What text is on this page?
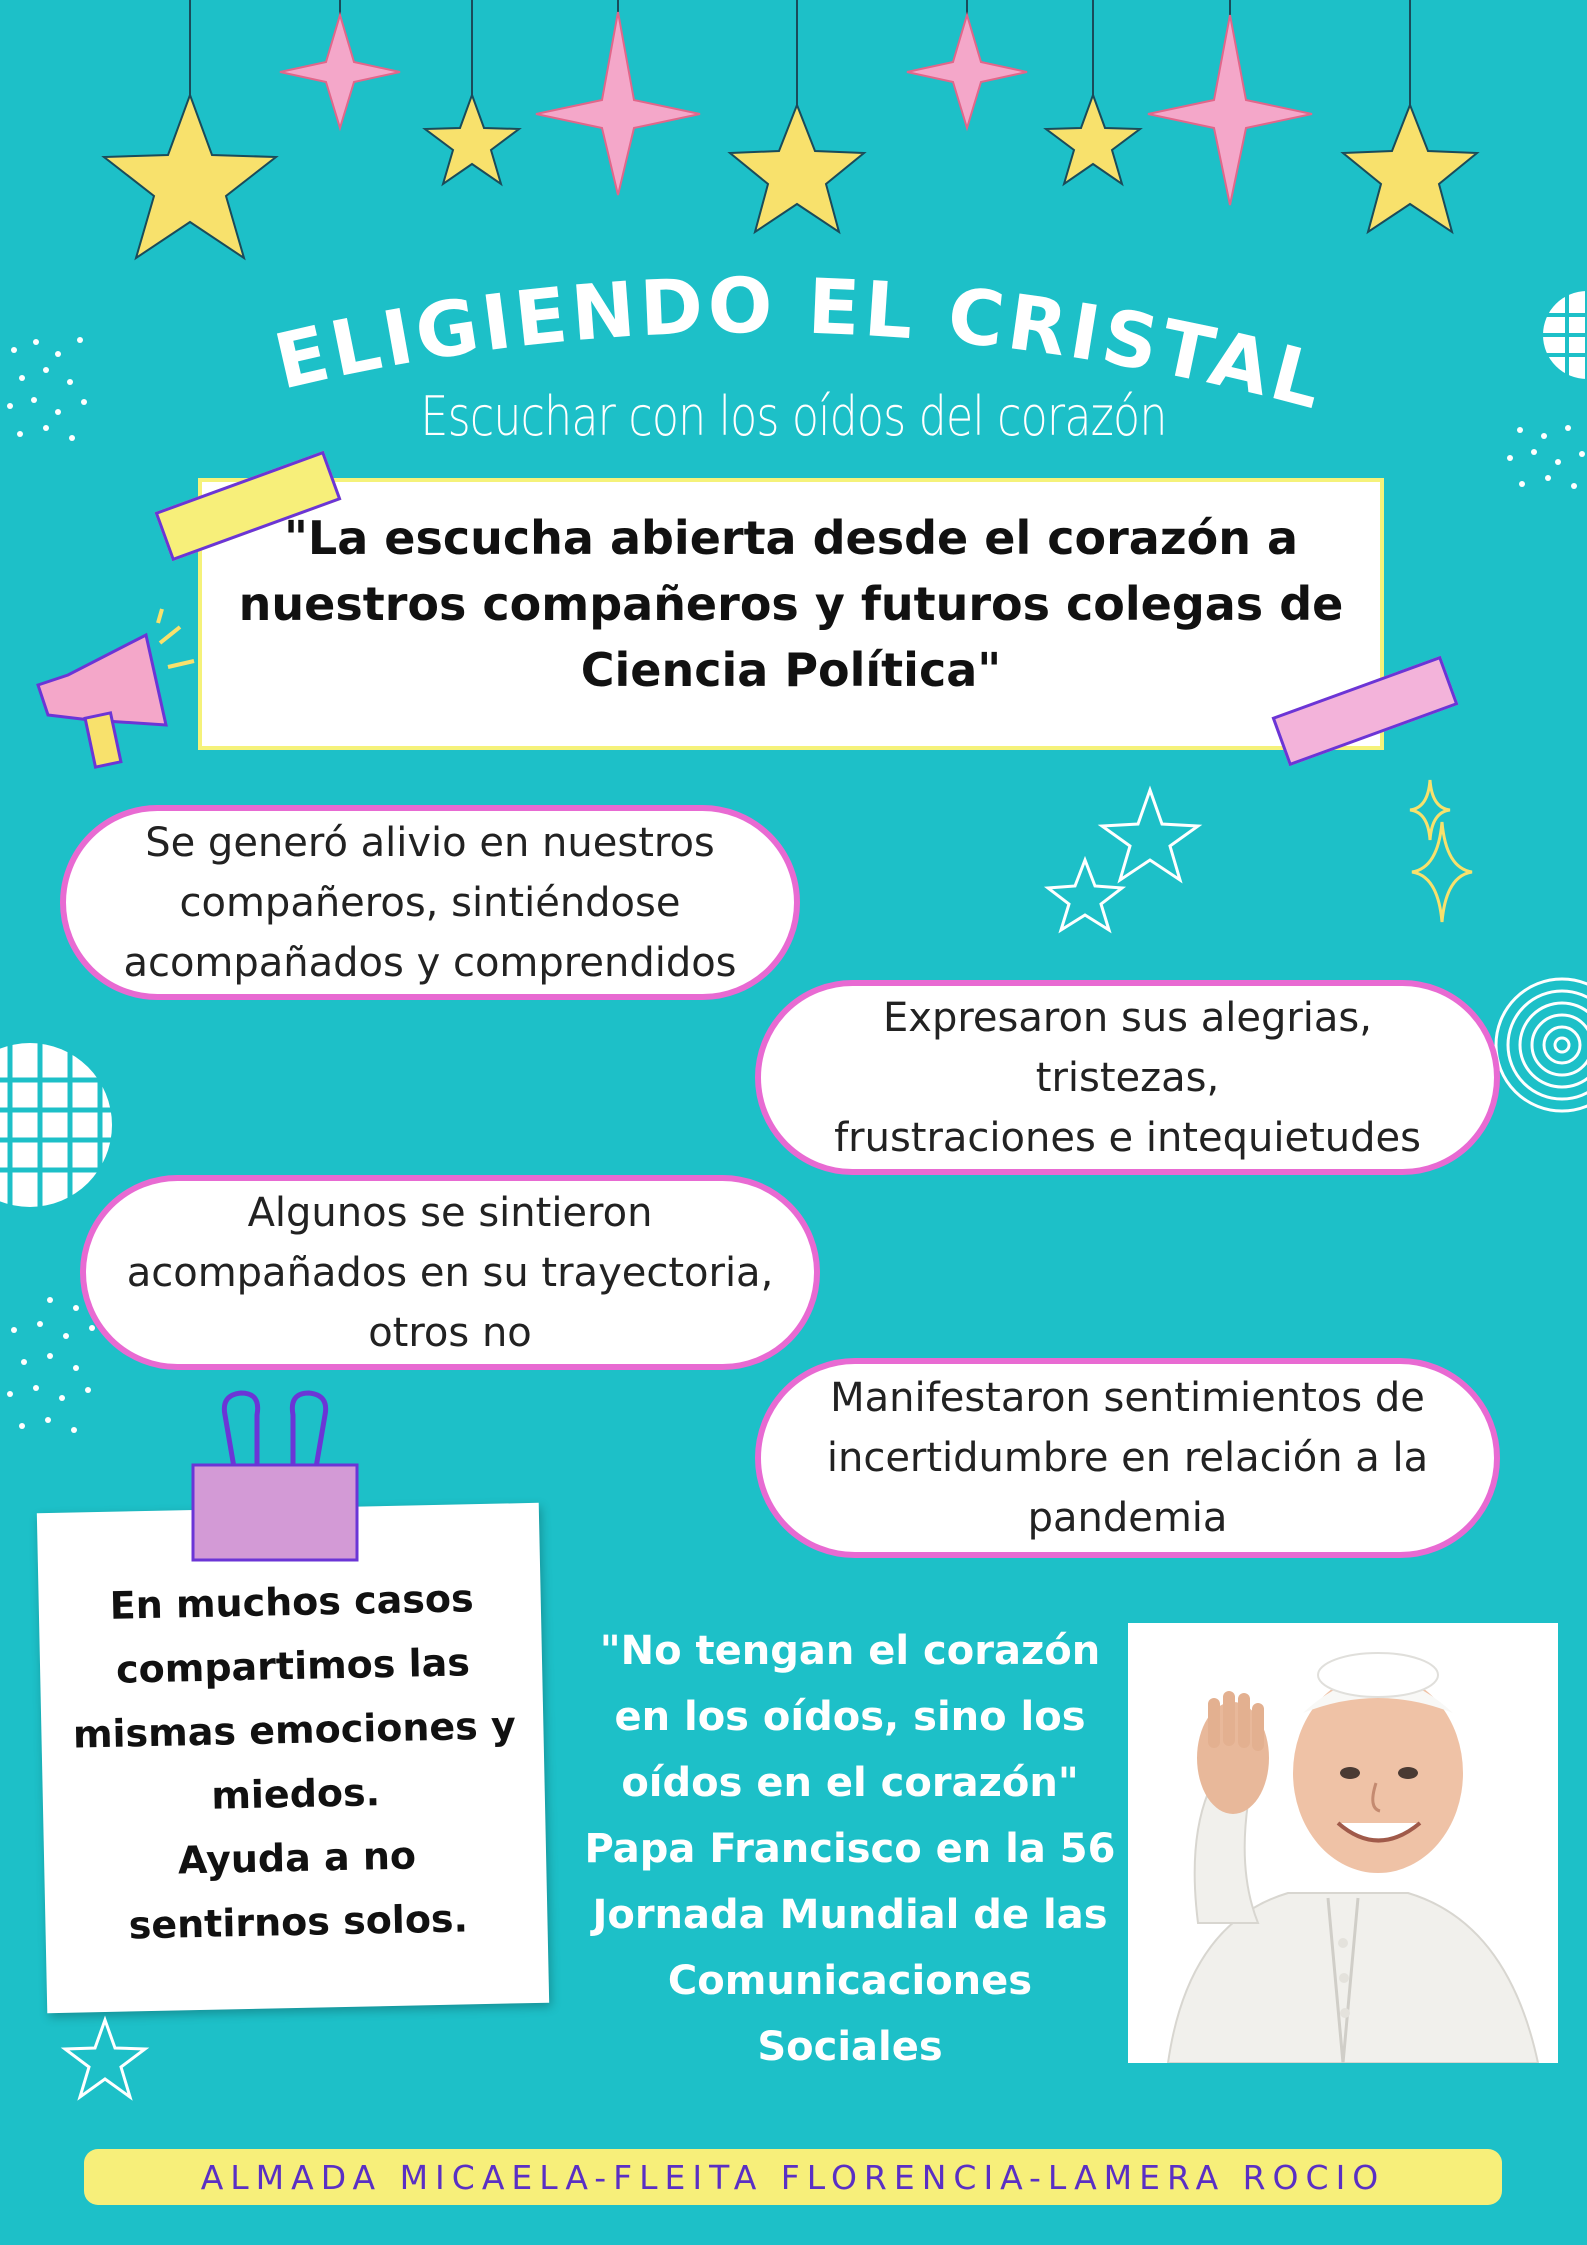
ELIGIENDO EL CRISTAL
Escuchar con los oídos del corazón
"La escucha abierta desde el corazón a
nuestros compañeros y futuros colegas de
Ciencia Política"
Se generó alivio en nuestros
compañeros, sintiéndose
acompañados y comprendidos
Expresaron sus alegrias, tristezas,
frustraciones e intequietudes
Algunos se sintieron
acompañados en su trayectoria,
otros no
Manifestaron sentimientos de
incertidumbre en relación a la
pandemia
En muchos casos
compartimos las
mismas emociones y
miedos.
Ayuda a no
sentirnos solos.
"No tengan el corazón
en los oídos, sino los
oídos en el corazón"
Papa Francisco en la 56
Jornada Mundial de las
Comunicaciones
Sociales
ALMADA MICAELA-FLEITA FLORENCIA-LAMERA ROCIO
